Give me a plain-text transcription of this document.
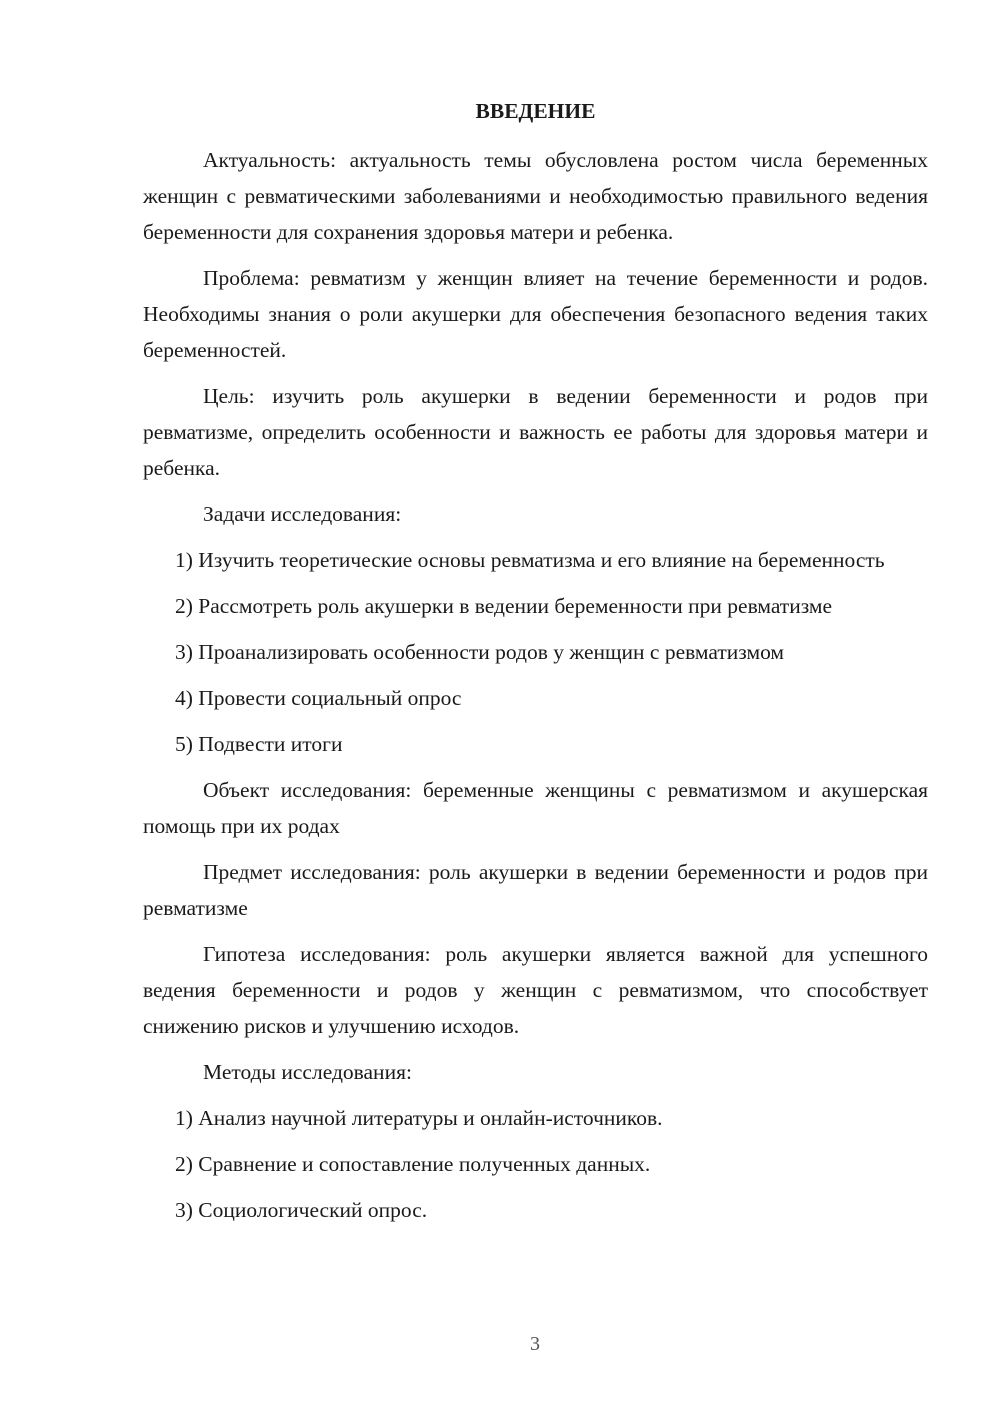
ВВЕДЕНИЕ

Актуальность: актуальность темы обусловлена ростом числа беременных женщин с ревматическими заболеваниями и необходимостью правильного ведения беременности для сохранения здоровья матери и ребенка.

Проблема: ревматизм у женщин влияет на течение беременности и родов. Необходимы знания о роли акушерки для обеспечения безопасного ведения таких беременностей.

Цель: изучить роль акушерки в ведении беременности и родов при ревматизме, определить особенности и важность ее работы для здоровья матери и ребенка.

Задачи исследования:

1) Изучить теоретические основы ревматизма и его влияние на беременность

2) Рассмотреть роль акушерки в ведении беременности при ревматизме

3) Проанализировать особенности родов у женщин с ревматизмом

4) Провести социальный опрос

5) Подвести итоги

Объект исследования: беременные женщины с ревматизмом и акушерская помощь при их родах

Предмет исследования: роль акушерки в ведении беременности и родов при ревматизме

Гипотеза исследования: роль акушерки является важной для успешного ведения беременности и родов у женщин с ревматизмом, что способствует снижению рисков и улучшению исходов.

Методы исследования:

1) Анализ научной литературы и онлайн-источников.

2) Сравнение и сопоставление полученных данных.

3) Социологический опрос.

3
